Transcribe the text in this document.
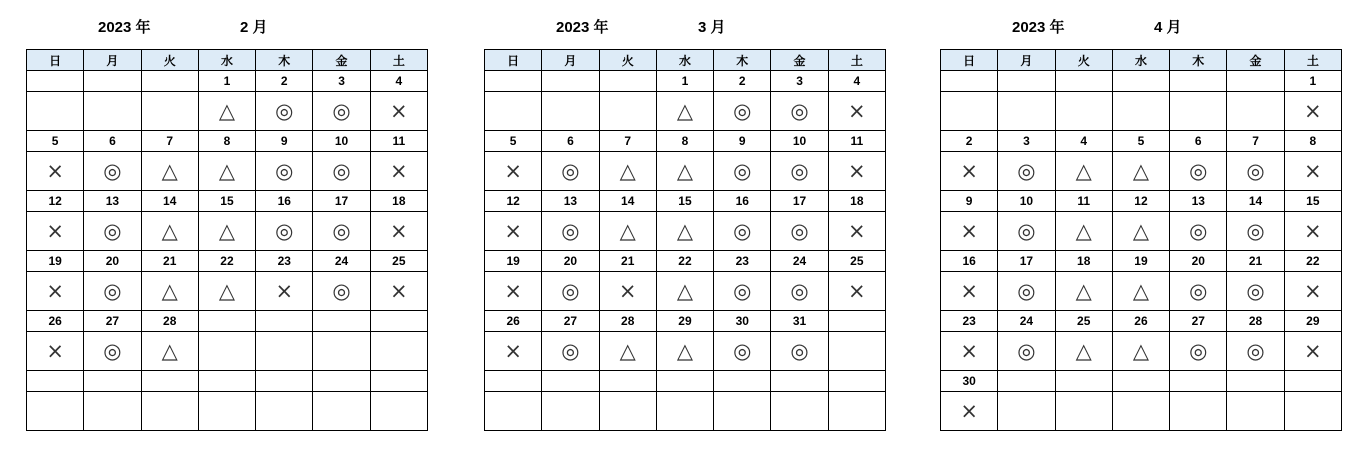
2023 年	2 月
日	月	火	水	木	金	土
			1	2	3	4
			△	◎	◎	×
5	6	7	8	9	10	11
×	◎	△	△	◎	◎	×
12	13	14	15	16	17	18
×	◎	△	△	◎	◎	×
19	20	21	22	23	24	25
×	◎	△	△	×	◎	×
26	27	28				
×	◎	△				

2023 年	3 月
日	月	火	水	木	金	土
			1	2	3	4
			△	◎	◎	×
5	6	7	8	9	10	11
×	◎	△	△	◎	◎	×
12	13	14	15	16	17	18
×	◎	△	△	◎	◎	×
19	20	21	22	23	24	25
×	◎	×	△	◎	◎	×
26	27	28	29	30	31	
×	◎	△	△	◎	◎	

2023 年	4 月
日	月	火	水	木	金	土
						1
						×
2	3	4	5	6	7	8
×	◎	△	△	◎	◎	×
9	10	11	12	13	14	15
×	◎	△	△	◎	◎	×
16	17	18	19	20	21	22
×	◎	△	△	◎	◎	×
23	24	25	26	27	28	29
×	◎	△	△	◎	◎	×
30						
×						
